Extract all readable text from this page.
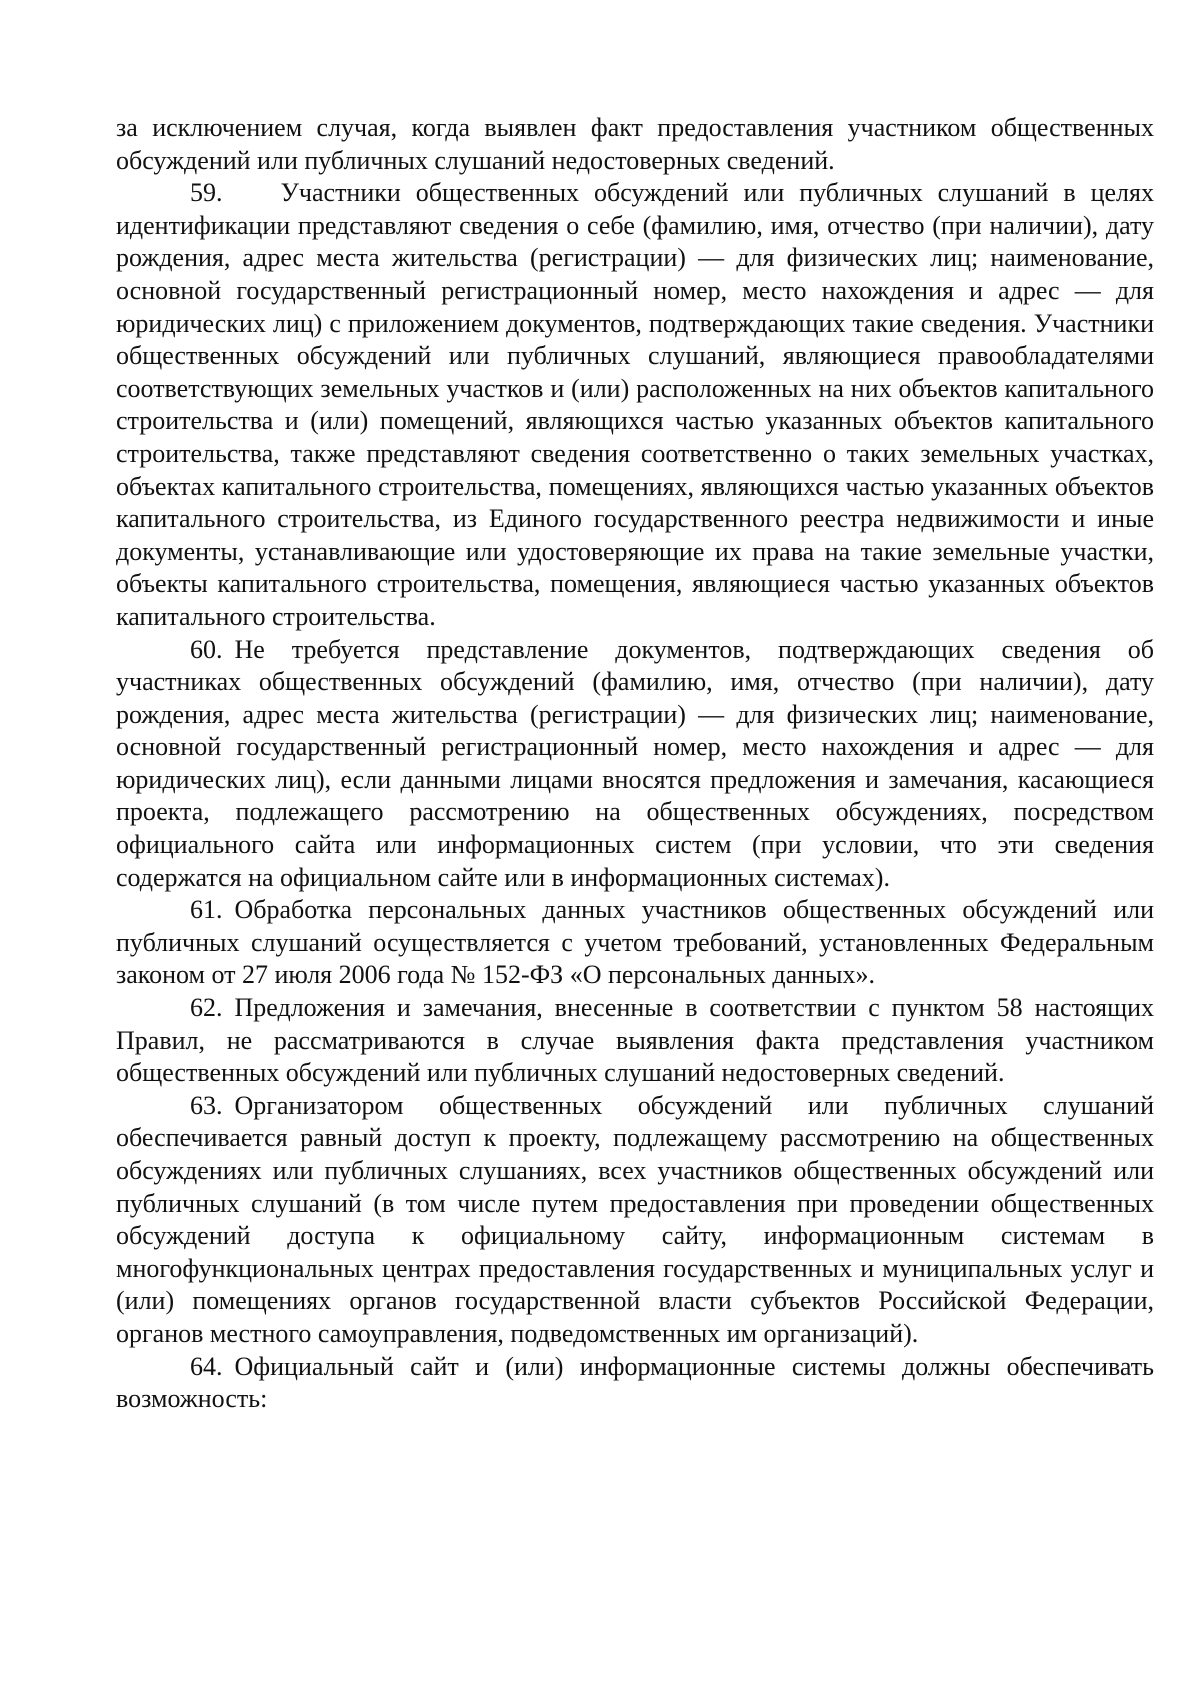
за исключением случая, когда выявлен факт предоставления участником общественных обсуждений или публичных слушаний недостоверных сведений.

59. Участники общественных обсуждений или публичных слушаний в целях идентификации представляют сведения о себе (фамилию, имя, отчество (при наличии), дату рождения, адрес места жительства (регистрации) — для физических лиц; наименование, основной государственный регистрационный номер, место нахождения и адрес — для юридических лиц) с приложением документов, подтверждающих такие сведения. Участники общественных обсуждений или публичных слушаний, являющиеся правообладателями соответствующих земельных участков и (или) расположенных на них объектов капитального строительства и (или) помещений, являющихся частью указанных объектов капитального строительства, также представляют сведения соответственно о таких земельных участках, объектах капитального строительства, помещениях, являющихся частью указанных объектов капитального строительства, из Единого государственного реестра недвижимости и иные документы, устанавливающие или удостоверяющие их права на такие земельные участки, объекты капитального строительства, помещения, являющиеся частью указанных объектов капитального строительства.

60. Не требуется представление документов, подтверждающих сведения об участниках общественных обсуждений (фамилию, имя, отчество (при наличии), дату рождения, адрес места жительства (регистрации) — для физических лиц; наименование, основной государственный регистрационный номер, место нахождения и адрес — для юридических лиц), если данными лицами вносятся предложения и замечания, касающиеся проекта, подлежащего рассмотрению на общественных обсуждениях, посредством официального сайта или информационных систем (при условии, что эти сведения содержатся на официальном сайте или в информационных системах).

61. Обработка персональных данных участников общественных обсуждений или публичных слушаний осуществляется с учетом требований, установленных Федеральным законом от 27 июля 2006 года № 152-ФЗ «О персональных данных».

62. Предложения и замечания, внесенные в соответствии с пунктом 58 настоящих Правил, не рассматриваются в случае выявления факта представления участником общественных обсуждений или публичных слушаний недостоверных сведений.

63. Организатором общественных обсуждений или публичных слушаний обеспечивается равный доступ к проекту, подлежащему рассмотрению на общественных обсуждениях или публичных слушаниях, всех участников общественных обсуждений или публичных слушаний (в том числе путем предоставления при проведении общественных обсуждений доступа к официальному сайту, информационным системам в многофункциональных центрах предоставления государственных и муниципальных услуг и (или) помещениях органов государственной власти субъектов Российской Федерации, органов местного самоуправления, подведомственных им организаций).

64. Официальный сайт и (или) информационные системы должны обеспечивать возможность:
